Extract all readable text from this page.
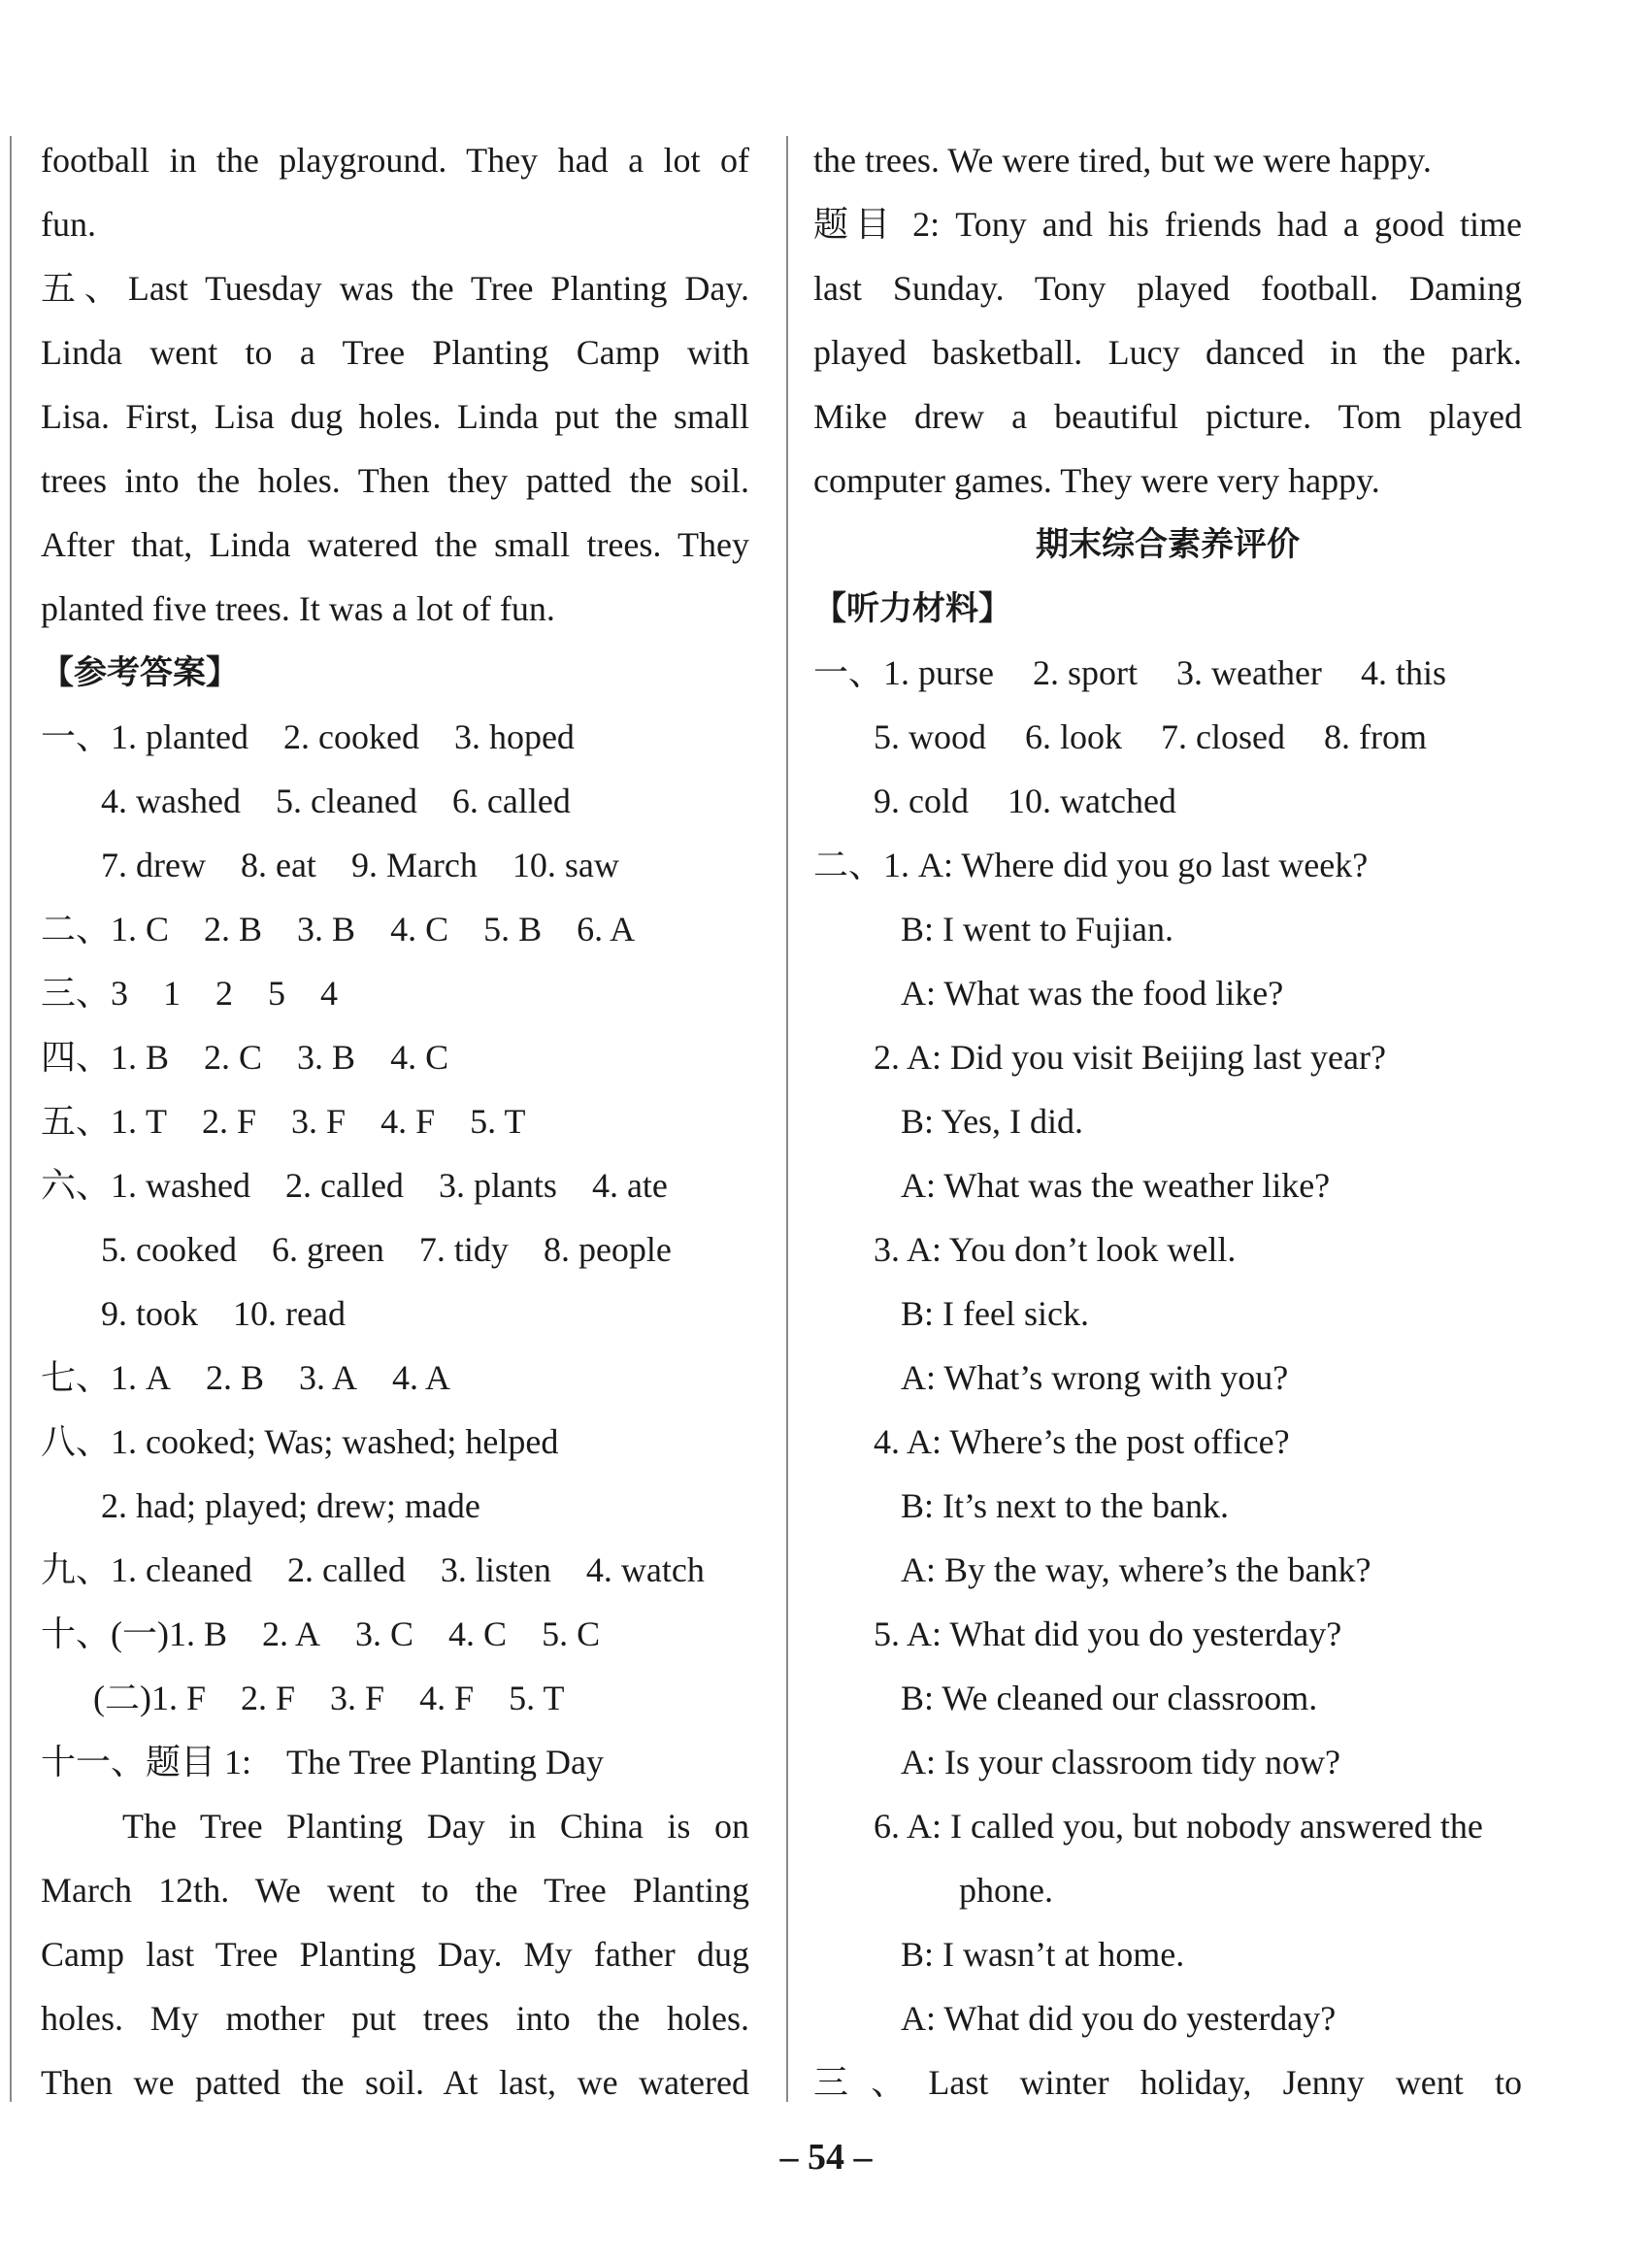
football in the playground. They had a lot of
fun.
五、Last Tuesday was the Tree Planting Day.
Linda went to a Tree Planting Camp with
Lisa. First, Lisa dug holes. Linda put the small
trees into the holes. Then they patted the soil.
After that, Linda watered the small trees. They
planted five trees. It was a lot of fun.
【参考答案】
一、1. planted 2. cooked 3. hoped
4. washed 5. cleaned 6. called
7. drew 8. eat 9. March 10. saw
二、1. C 2. B 3. B 4. C 5. B 6. A
三、3 1 2 5 4
四、1. B 2. C 3. B 4. C
五、1. T 2. F 3. F 4. F 5. T
六、1. washed 2. called 3. plants 4. ate
5. cooked 6. green 7. tidy 8. people
9. took 10. read
七、1. A 2. B 3. A 4. A
八、1. cooked; Was; washed; helped
2. had; played; drew; made
九、1. cleaned 2. called 3. listen 4. watch
十、(一)1. B 2. A 3. C 4. C 5. C
(二)1. F 2. F 3. F 4. F 5. T
十一、题目 1: The Tree Planting Day
The Tree Planting Day in China is on
March 12th. We went to the Tree Planting
Camp last Tree Planting Day. My father dug
holes. My mother put trees into the holes.
Then we patted the soil. At last, we watered
the trees. We were tired, but we were happy.
题目 2: Tony and his friends had a good time
last Sunday. Tony played football. Daming
played basketball. Lucy danced in the park.
Mike drew a beautiful picture. Tom played
computer games. They were very happy.
期末综合素养评价
【听力材料】
一、1. purse 2. sport 3. weather 4. this
5. wood 6. look 7. closed 8. from
9. cold 10. watched
二、1. A: Where did you go last week?
B: I went to Fujian.
A: What was the food like?
2. A: Did you visit Beijing last year?
B: Yes, I did.
A: What was the weather like?
3. A: You don’t look well.
B: I feel sick.
A: What’s wrong with you?
4. A: Where’s the post office?
B: It’s next to the bank.
A: By the way, where’s the bank?
5. A: What did you do yesterday?
B: We cleaned our classroom.
A: Is your classroom tidy now?
6. A: I called you, but nobody answered the
phone.
B: I wasn’t at home.
A: What did you do yesterday?
三、Last winter holiday, Jenny went to
– 54 –
